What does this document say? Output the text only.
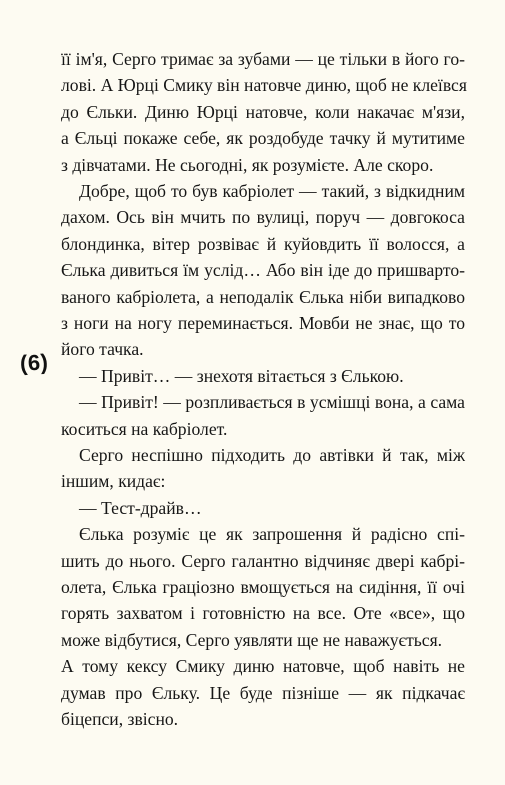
(6)
її ім'я, Серго тримає за зубами — це тільки в його го-
лові. А Юрці Смику він натовче диню, щоб не клеївся
до Єльки. Диню Юрці натовче, коли накачає м'язи,
а Єльці покаже себе, як роздобуде тачку й мутитиме
з дівчатами. Не сьогодні, як розумієте. Але скоро.
Добре, щоб то був кабріолет — такий, з відкидним
дахом. Ось він мчить по вулиці, поруч — довгокоса
блондинка, вітер розвіває й куйовдить її волосся, а
Єлька дивиться їм услід… Або він іде до пришварто-
ваного кабріолета, а неподалік Єлька ніби випадково
з ноги на ногу переминається. Мовби не знає, що то
його тачка.
— Привіт… — знехотя вітається з Єлькою.
— Привіт! — розпливається в усмішці вона, а сама
коситься на кабріолет.
Серго неспішно підходить до автівки й так, між
іншим, кидає:
— Тест-драйв…
Єлька розуміє це як запрошення й радісно спі-
шить до нього. Серго галантно відчиняє двері кабрі-
олета, Єлька граціозно вмощується на сидіння, її очі
горять захватом і готовністю на все. Оте «все», що
може відбутися, Серго уявляти ще не наважується.
А тому кексу Смику диню натовче, щоб навіть не
думав про Єльку. Це буде пізніше — як підкачає
біцепси, звісно.
